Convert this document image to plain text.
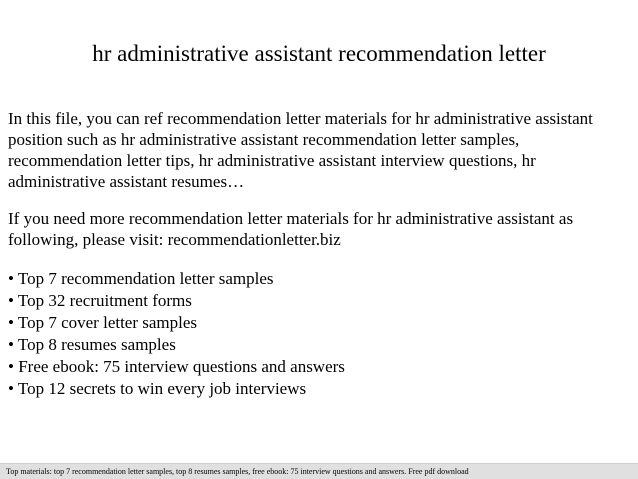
hr administrative assistant recommendation letter
In this file, you can ref recommendation letter materials for hr administrative assistant position such as hr administrative assistant recommendation letter samples, recommendation letter tips, hr administrative assistant interview questions, hr administrative assistant resumes…
If you need more recommendation letter materials for hr administrative assistant as following, please visit: recommendationletter.biz
• Top 7 recommendation letter samples
• Top 32 recruitment forms
• Top 7 cover letter samples
• Top 8 resumes samples
• Free ebook: 75 interview questions and answers
• Top 12 secrets to win every job interviews
Top materials: top 7 recommendation letter samples, top 8 resumes samples, free ebook: 75 interview questions and answers. Free pdf download
